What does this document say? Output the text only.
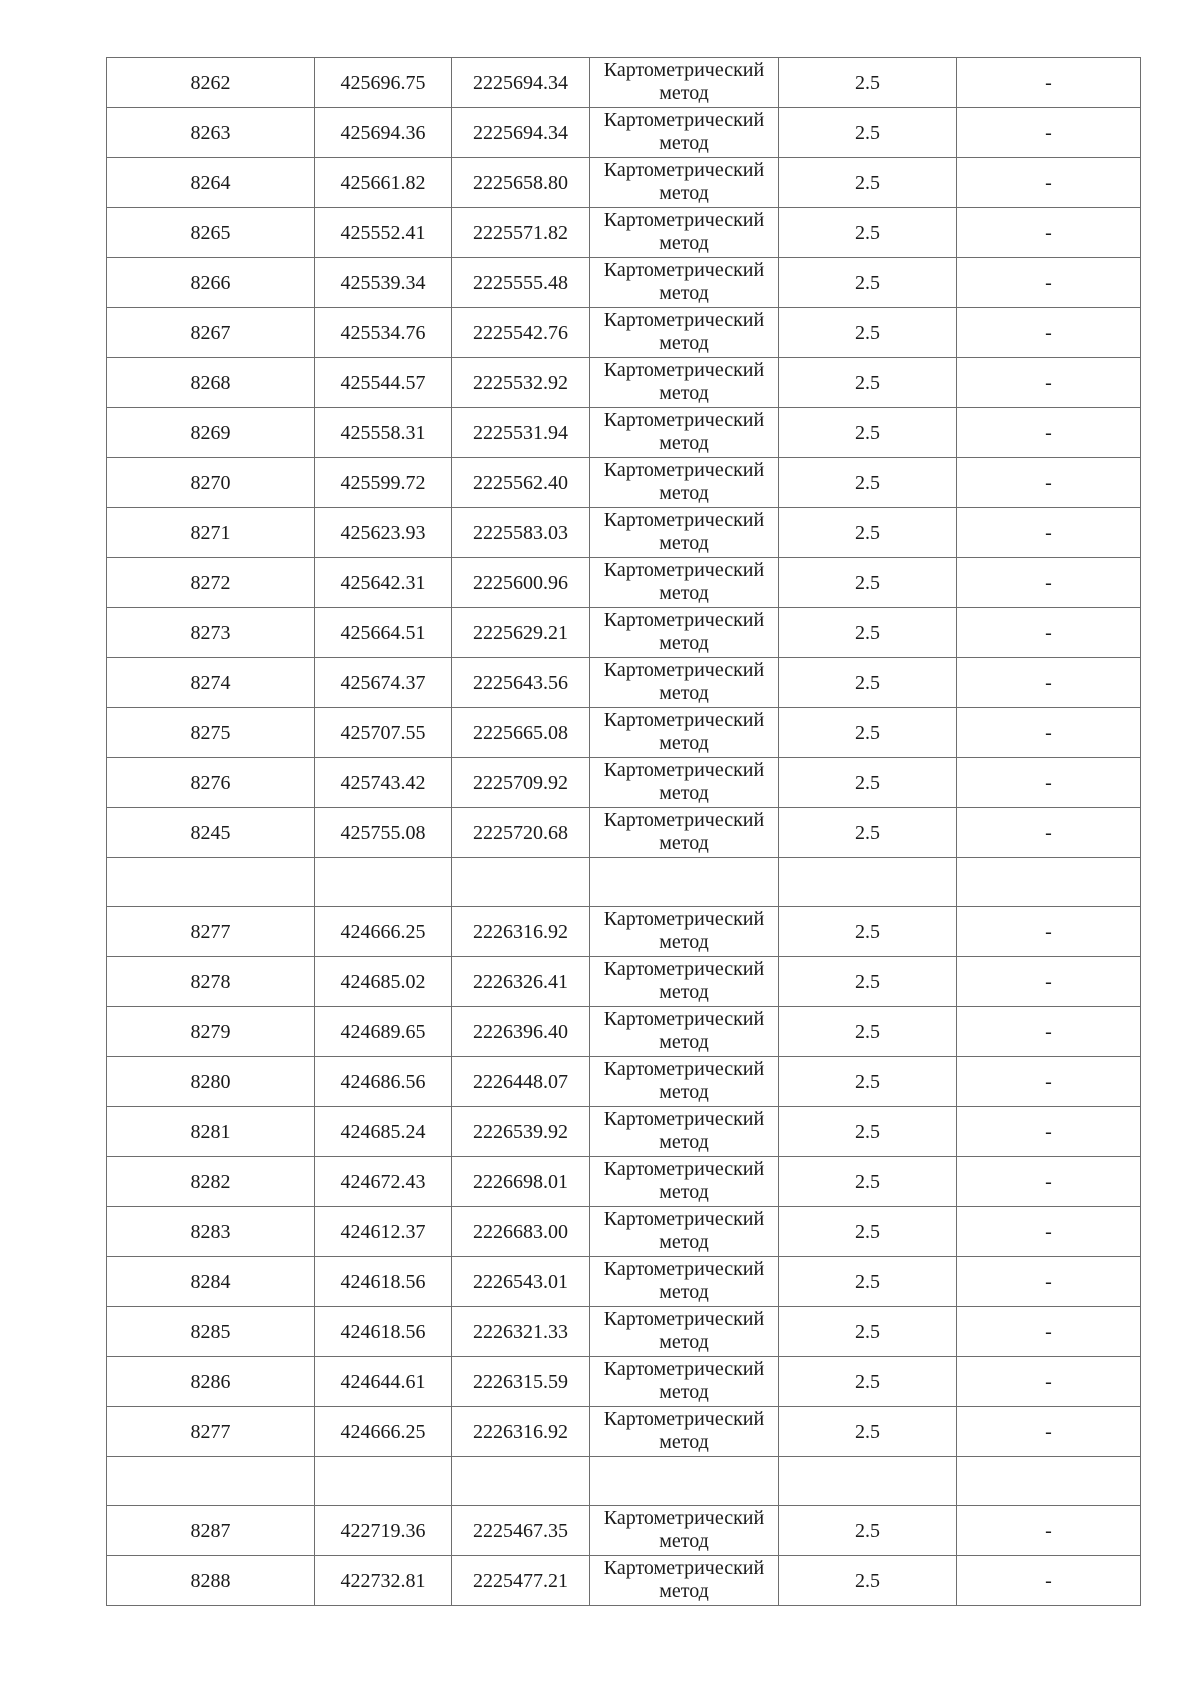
8262	425696.75	2225694.34	Картометрический
метод	2.5	-
8263	425694.36	2225694.34	Картометрический
метод	2.5	-
8264	425661.82	2225658.80	Картометрический
метод	2.5	-
8265	425552.41	2225571.82	Картометрический
метод	2.5	-
8266	425539.34	2225555.48	Картометрический
метод	2.5	-
8267	425534.76	2225542.76	Картометрический
метод	2.5	-
8268	425544.57	2225532.92	Картометрический
метод	2.5	-
8269	425558.31	2225531.94	Картометрический
метод	2.5	-
8270	425599.72	2225562.40	Картометрический
метод	2.5	-
8271	425623.93	2225583.03	Картометрический
метод	2.5	-
8272	425642.31	2225600.96	Картометрический
метод	2.5	-
8273	425664.51	2225629.21	Картометрический
метод	2.5	-
8274	425674.37	2225643.56	Картометрический
метод	2.5	-
8275	425707.55	2225665.08	Картометрический
метод	2.5	-
8276	425743.42	2225709.92	Картометрический
метод	2.5	-
8245	425755.08	2225720.68	Картометрический
метод	2.5	-

8277	424666.25	2226316.92	Картометрический
метод	2.5	-
8278	424685.02	2226326.41	Картометрический
метод	2.5	-
8279	424689.65	2226396.40	Картометрический
метод	2.5	-
8280	424686.56	2226448.07	Картометрический
метод	2.5	-
8281	424685.24	2226539.92	Картометрический
метод	2.5	-
8282	424672.43	2226698.01	Картометрический
метод	2.5	-
8283	424612.37	2226683.00	Картометрический
метод	2.5	-
8284	424618.56	2226543.01	Картометрический
метод	2.5	-
8285	424618.56	2226321.33	Картометрический
метод	2.5	-
8286	424644.61	2226315.59	Картометрический
метод	2.5	-
8277	424666.25	2226316.92	Картометрический
метод	2.5	-

8287	422719.36	2225467.35	Картометрический
метод	2.5	-
8288	422732.81	2225477.21	Картометрический
метод	2.5	-
